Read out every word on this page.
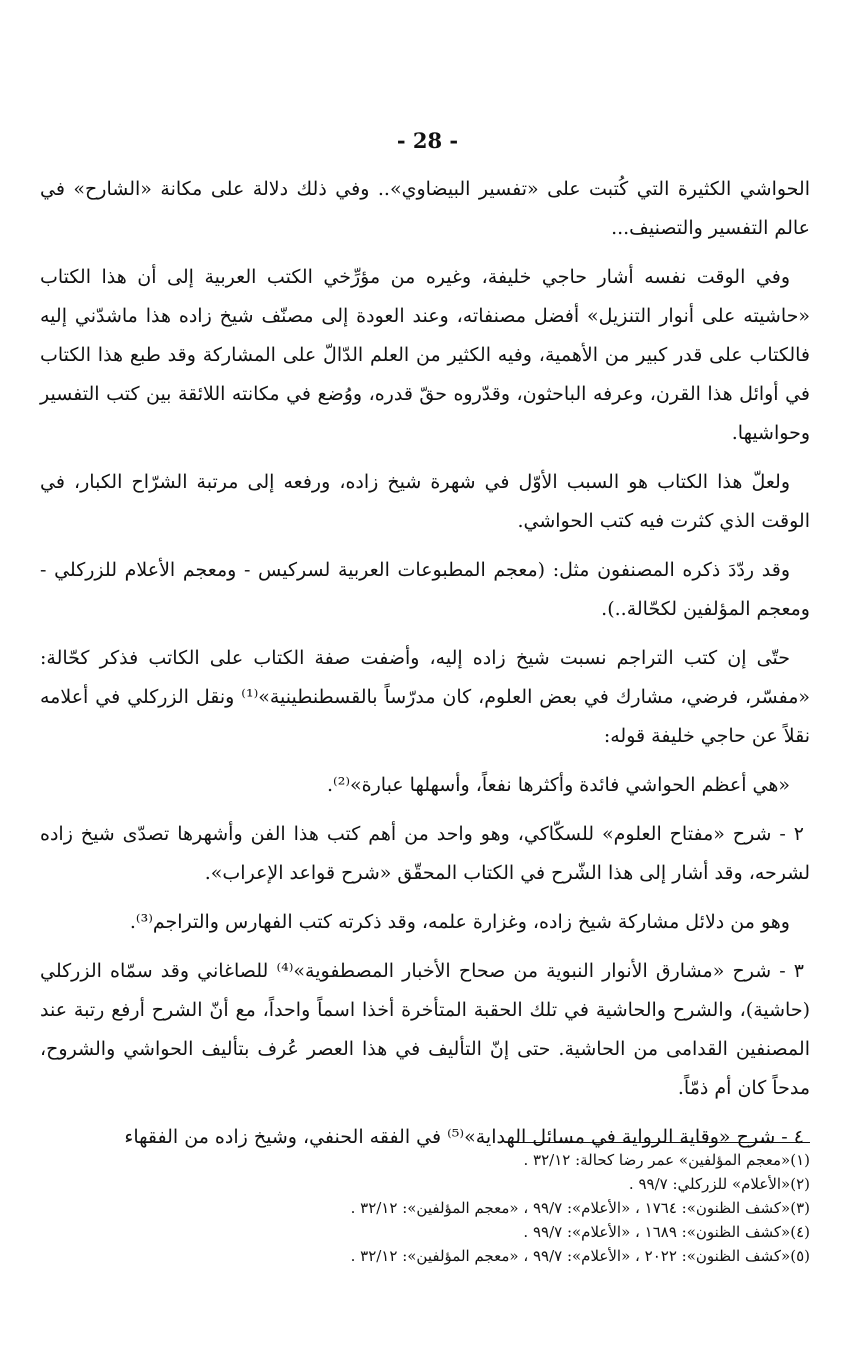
- 28 -

الحواشي الكثيرة التي كُتبت على «تفسير البيضاوي».. وفي ذلك دلالة على مكانة «الشارح» في عالم التفسير والتصنيف...

وفي الوقت نفسه أشار حاجي خليفة، وغيره من مؤرِّخي الكتب العربية إلى أن هذا الكتاب «حاشيته على أنوار التنزيل» أفضل مصنفاته، وعند العودة إلى مصنّف شيخ زاده هذا ماشدّني إليه فالكتاب على قدر كبير من الأهمية، وفيه الكثير من العلم الدّالّ على المشاركة وقد طبع هذا الكتاب في أوائل هذا القرن، وعرفه الباحثون، وقدّروه حقّ قدره، ووُضع في مكانته اللائقة بين كتب التفسير وحواشيها.

ولعلّ هذا الكتاب هو السبب الأوّل في شهرة شيخ زاده، ورفعه إلى مرتبة الشرّاح الكبار، في الوقت الذي كثرت فيه كتب الحواشي.

وقد ردّدَ ذكره المصنفون مثل: (معجم المطبوعات العربية لسركيس - ومعجم الأعلام للزركلي - ومعجم المؤلفين لكحّالة..).

حتّى إن كتب التراجم نسبت شيخ زاده إليه، وأضفت صفة الكتاب على الكاتب فذكر كحّالة: «مفسّر، فرضي، مشارك في بعض العلوم، كان مدرّساً بالقسطنطينية»⁽¹⁾ ونقل الزركلي في أعلامه نقلاً عن حاجي خليفة قوله:

«هي أعظم الحواشي فائدة وأكثرها نفعاً، وأسهلها عبارة»⁽²⁾.

٢ - شرح «مفتاح العلوم» للسكّاكي، وهو واحد من أهم كتب هذا الفن وأشهرها تصدّى شيخ زاده لشرحه، وقد أشار إلى هذا الشّرح في الكتاب المحقّق «شرح قواعد الإعراب».

وهو من دلائل مشاركة شيخ زاده، وغزارة علمه، وقد ذكرته كتب الفهارس والتراجم⁽³⁾.

٣ - شرح «مشارق الأنوار النبوية من صحاح الأخبار المصطفوية»⁽⁴⁾ للصاغاني وقد سمّاه الزركلي (حاشية)، والشرح والحاشية في تلك الحقبة المتأخرة أخذا اسماً واحداً، مع أنّ الشرح أرفع رتبة عند المصنفين القدامى من الحاشية. حتى إنّ التأليف في هذا العصر عُرف بتأليف الحواشي والشروح، مدحاً كان أم ذمّاً.

٤ - شرح «وقاية الرواية في مسائل الهداية»⁽⁵⁾ في الفقه الحنفي، وشيخ زاده من الفقهاء

(١)«معجم المؤلفين» عمر رضا كحالة: ٣٢/١٢ .

(٢)«الأعلام» للزركلي: ٩٩/٧ .

(٣)«كشف الظنون»: ١٧٦٤ ، «الأعلام»: ٩٩/٧ ، «معجم المؤلفين»: ٣٢/١٢ .

(٤)«كشف الظنون»: ١٦٨٩ ، «الأعلام»: ٩٩/٧ .

(٥)«كشف الظنون»: ٢٠٢٢ ، «الأعلام»: ٩٩/٧ ، «معجم المؤلفين»: ٣٢/١٢ .
